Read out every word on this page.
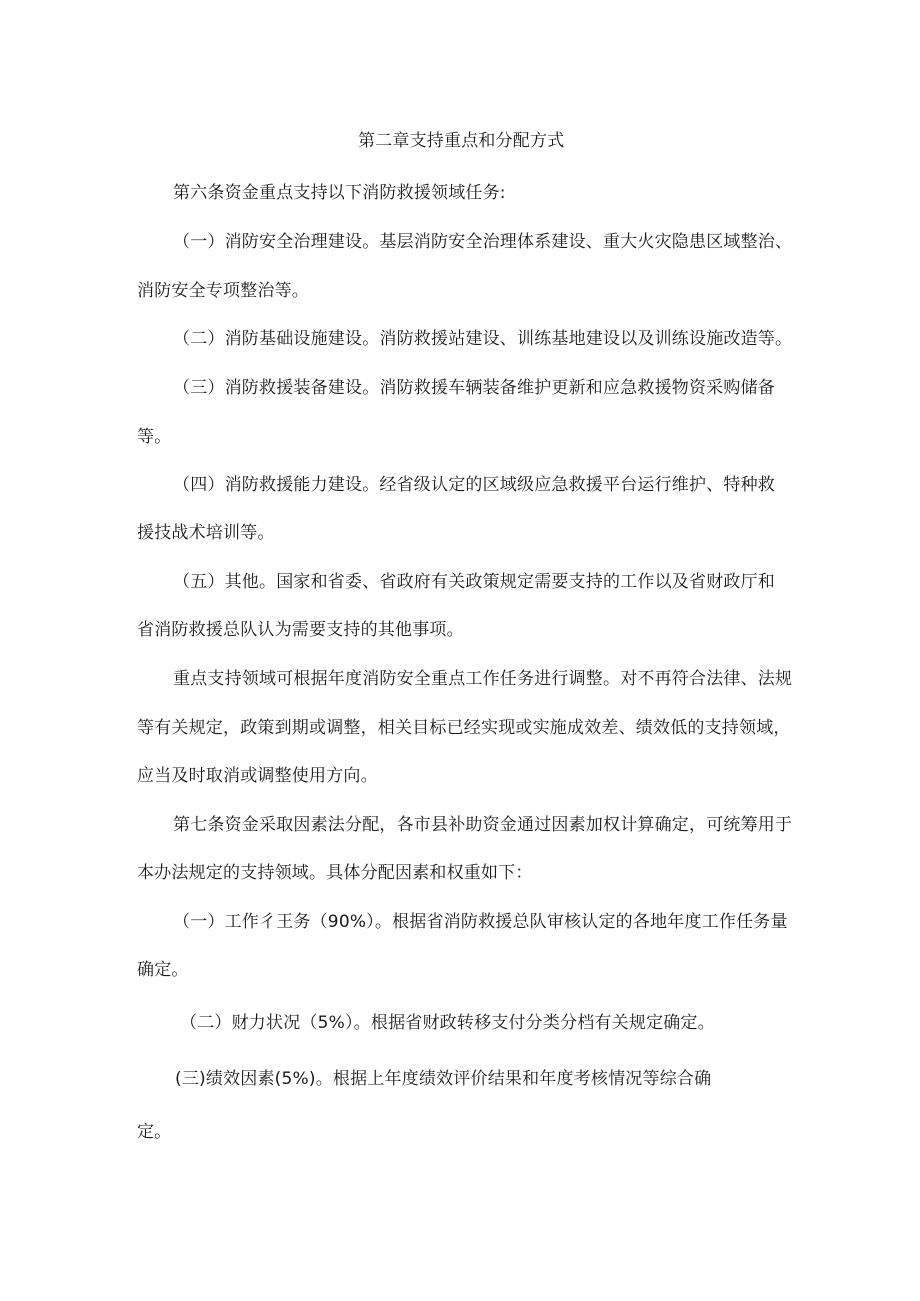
第二章支持重点和分配方式
第六条资金重点支持以下消防救援领域任务:
（一）消防安全治理建设。基层消防安全治理体系建设、重大火灾隐患区域整治、
消防安全专项整治等。
（二）消防基础设施建设。消防救援站建设、训练基地建设以及训练设施改造等。
（三）消防救援装备建设。消防救援车辆装备维护更新和应急救援物资采购储备
等。
（四）消防救援能力建设。经省级认定的区域级应急救援平台运行维护、特种救
援技战术培训等。
（五）其他。国家和省委、省政府有关政策规定需要支持的工作以及省财政厅和
省消防救援总队认为需要支持的其他事项。
重点支持领域可根据年度消防安全重点工作任务进行调整。对不再符合法律、法规
等有关规定，政策到期或调整，相关目标已经实现或实施成效差、绩效低的支持领域，
应当及时取消或调整使用方向。
第七条资金采取因素法分配，各市县补助资金通过因素加权计算确定，可统筹用于
本办法规定的支持领域。具体分配因素和权重如下：
（一）工作彳王务（90%）。根据省消防救援总队审核认定的各地年度工作任务量
确定。
（二）财力状况（5%）。根据省财政转移支付分类分档有关规定确定。
(三)绩效因素(5%)。根据上年度绩效评价结果和年度考核情况等综合确
定。
